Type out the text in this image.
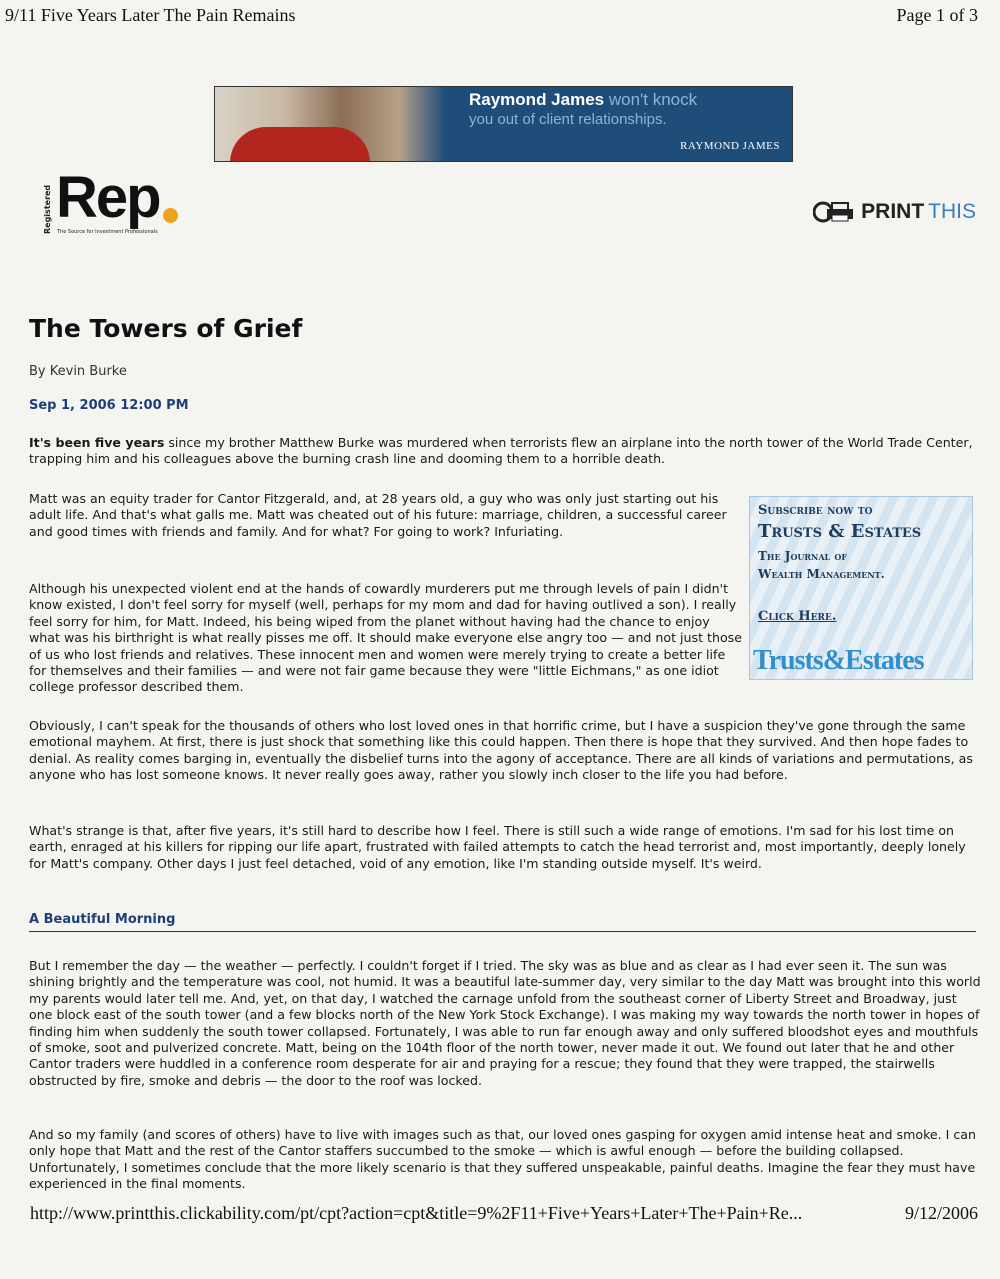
9/11 Five Years Later The Pain Remains	Page 1 of 3
Raymond James won't knock
you out of client relationships.
RAYMOND JAMES
Registered Rep
The Source for Investment Professionals
PRINT THIS
The Towers of Grief
By Kevin Burke
Sep 1, 2006 12:00 PM
It's been five years since my brother Matthew Burke was murdered when terrorists flew an airplane into the north tower of the World Trade Center, trapping him and his colleagues above the burning crash line and dooming them to a horrible death.
Matt was an equity trader for Cantor Fitzgerald, and, at 28 years old, a guy who was only just starting out his adult life. And that's what galls me. Matt was cheated out of his future: marriage, children, a successful career and good times with friends and family. And for what? For going to work? Infuriating.
Although his unexpected violent end at the hands of cowardly murderers put me through levels of pain I didn't know existed, I don't feel sorry for myself (well, perhaps for my mom and dad for having outlived a son). I really feel sorry for him, for Matt. Indeed, his being wiped from the planet without having had the chance to enjoy what was his birthright is what really pisses me off. It should make everyone else angry too — and not just those of us who lost friends and relatives. These innocent men and women were merely trying to create a better life for themselves and their families — and were not fair game because they were "little Eichmans," as one idiot college professor described them.
Subscribe now to
Trusts & Estates
The Journal of
Wealth Management.
Click Here.
Trusts&Estates
Obviously, I can't speak for the thousands of others who lost loved ones in that horrific crime, but I have a suspicion they've gone through the same emotional mayhem. At first, there is just shock that something like this could happen. Then there is hope that they survived. And then hope fades to denial. As reality comes barging in, eventually the disbelief turns into the agony of acceptance. There are all kinds of variations and permutations, as anyone who has lost someone knows. It never really goes away, rather you slowly inch closer to the life you had before.
What's strange is that, after five years, it's still hard to describe how I feel. There is still such a wide range of emotions. I'm sad for his lost time on earth, enraged at his killers for ripping our life apart, frustrated with failed attempts to catch the head terrorist and, most importantly, deeply lonely for Matt's company. Other days I just feel detached, void of any emotion, like I'm standing outside myself. It's weird.
A Beautiful Morning
But I remember the day — the weather — perfectly. I couldn't forget if I tried. The sky was as blue and as clear as I had ever seen it. The sun was shining brightly and the temperature was cool, not humid. It was a beautiful late-summer day, very similar to the day Matt was brought into this world my parents would later tell me. And, yet, on that day, I watched the carnage unfold from the southeast corner of Liberty Street and Broadway, just one block east of the south tower (and a few blocks north of the New York Stock Exchange). I was making my way towards the north tower in hopes of finding him when suddenly the south tower collapsed. Fortunately, I was able to run far enough away and only suffered bloodshot eyes and mouthfuls of smoke, soot and pulverized concrete. Matt, being on the 104th floor of the north tower, never made it out. We found out later that he and other Cantor traders were huddled in a conference room desperate for air and praying for a rescue; they found that they were trapped, the stairwells obstructed by fire, smoke and debris — the door to the roof was locked.
And so my family (and scores of others) have to live with images such as that, our loved ones gasping for oxygen amid intense heat and smoke. I can only hope that Matt and the rest of the Cantor staffers succumbed to the smoke — which is awful enough — before the building collapsed. Unfortunately, I sometimes conclude that the more likely scenario is that they suffered unspeakable, painful deaths. Imagine the fear they must have experienced in the final moments.
http://www.printthis.clickability.com/pt/cpt?action=cpt&title=9%2F11+Five+Years+Later+The+Pain+Re...	9/12/2006
